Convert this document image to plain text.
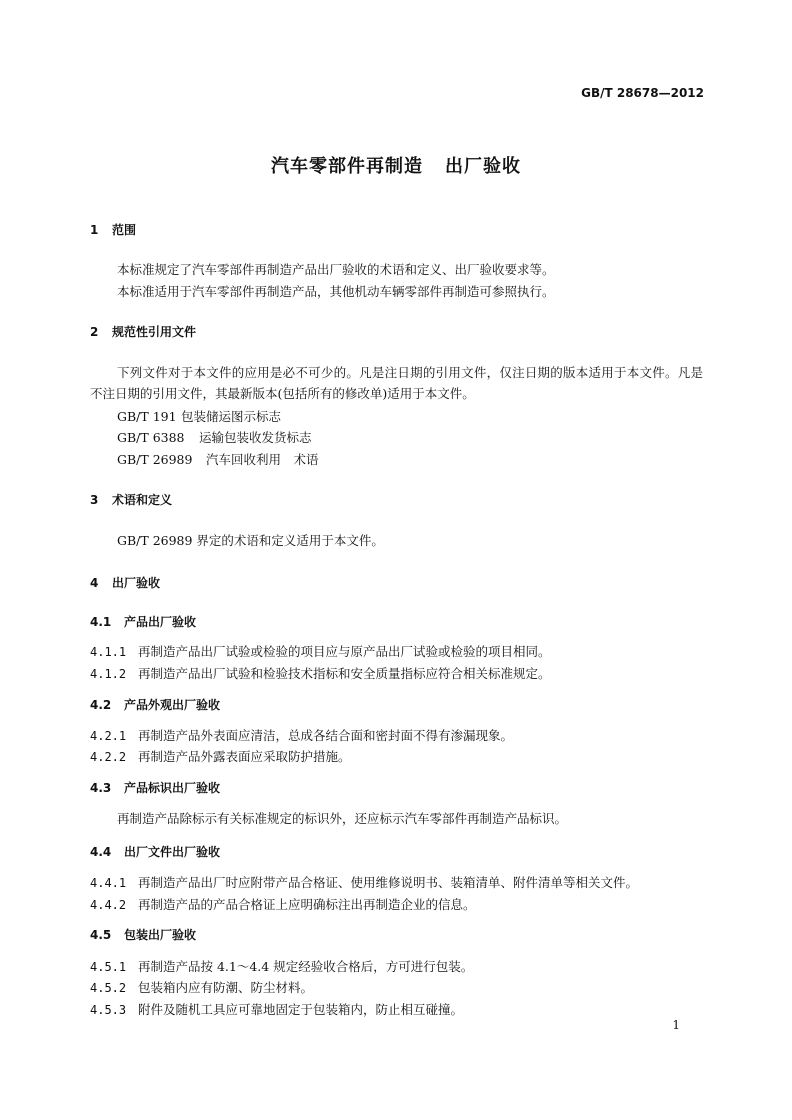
GB/T 28678—2012
汽车零部件再制造 出厂验收
1 范围
本标准规定了汽车零部件再制造产品出厂验收的术语和定义、出厂验收要求等。
本标准适用于汽车零部件再制造产品，其他机动车辆零部件再制造可参照执行。
2 规范性引用文件
下列文件对于本文件的应用是必不可少的。凡是注日期的引用文件，仅注日期的版本适用于本文件。凡是不注日期的引用文件，其最新版本(包括所有的修改单)适用于本文件。
GB/T 191 包装储运图示标志
GB/T 6388 运输包装收发货标志
GB/T 26989 汽车回收利用　术语
3 术语和定义
GB/T 26989 界定的术语和定义适用于本文件。
4 出厂验收
4.1 产品出厂验收
4.1.1 再制造产品出厂试验或检验的项目应与原产品出厂试验或检验的项目相同。
4.1.2 再制造产品出厂试验和检验技术指标和安全质量指标应符合相关标准规定。
4.2 产品外观出厂验收
4.2.1 再制造产品外表面应清洁，总成各结合面和密封面不得有渗漏现象。
4.2.2 再制造产品外露表面应采取防护措施。
4.3 产品标识出厂验收
再制造产品除标示有关标准规定的标识外，还应标示汽车零部件再制造产品标识。
4.4 出厂文件出厂验收
4.4.1 再制造产品出厂时应附带产品合格证、使用维修说明书、装箱清单、附件清单等相关文件。
4.4.2 再制造产品的产品合格证上应明确标注出再制造企业的信息。
4.5 包装出厂验收
4.5.1 再制造产品按 4.1～4.4 规定经验收合格后，方可进行包装。
4.5.2 包装箱内应有防潮、防尘材料。
4.5.3 附件及随机工具应可靠地固定于包装箱内，防止相互碰撞。
1
